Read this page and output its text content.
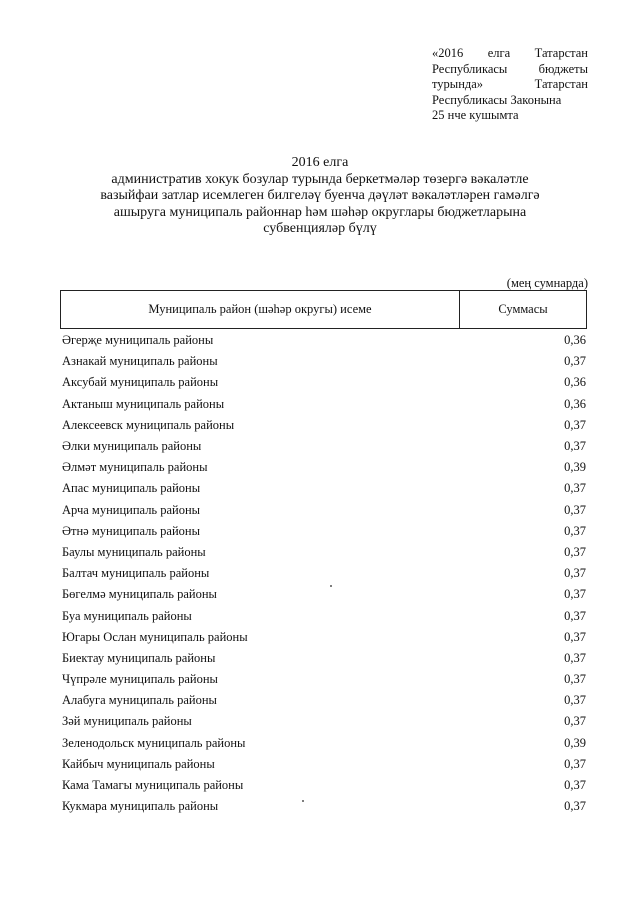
«2016 елга Татарстан
Республикасы бюджеты
турында» Татарстан
Республикасы Законына
25 нче кушымта
2016 елга
административ хокук бозулар турында беркетмәләр төзергә вәкаләтле
вазыйфаи затлар исемлеген билгеләү буенча дәүләт вәкаләтләрен гамәлгә
ашыруга муниципаль районнар һәм шәһәр округлары бюджетларына
субвенцияләр бүлү
(мең сумнарда)
Муниципаль район (шәһәр округы) исеме	Суммасы
Әгерҗе муниципаль районы	0,36
Азнакай муниципаль районы	0,37
Аксубай муниципаль районы	0,36
Актаныш муниципаль районы	0,36
Алексеевск муниципаль районы	0,37
Әлки муниципаль районы	0,37
Әлмәт муниципаль районы	0,39
Апас муниципаль районы	0,37
Арча муниципаль районы	0,37
Әтнә муниципаль районы	0,37
Баулы муниципаль районы	0,37
Балтач муниципаль районы	0,37
Бөгелмә муниципаль районы	0,37
Буа муниципаль районы	0,37
Югары Ослан муниципаль районы	0,37
Биектау муниципаль районы	0,37
Чүпрәле муниципаль районы	0,37
Алабуга муниципаль районы	0,37
Зәй муниципаль районы	0,37
Зеленодольск муниципаль районы	0,39
Кайбыч муниципаль районы	0,37
Кама Тамагы муниципаль районы	0,37
Кукмара муниципаль районы	0,37
